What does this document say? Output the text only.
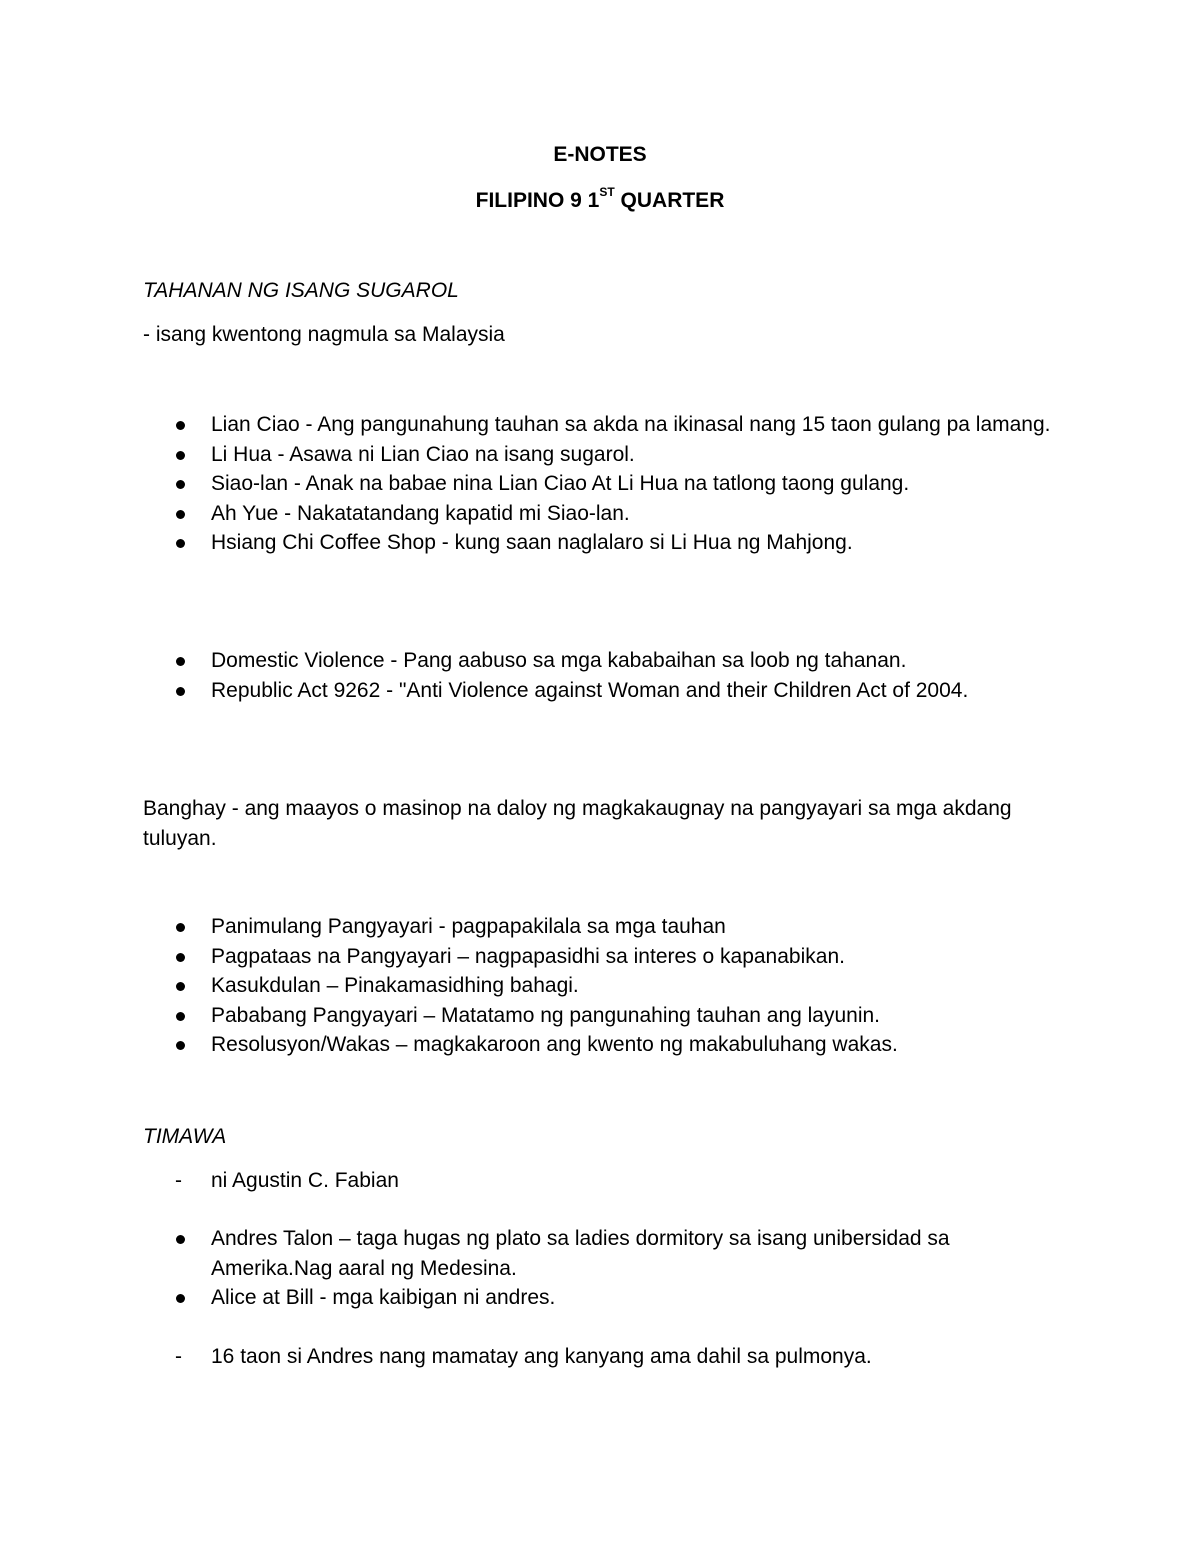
E-NOTES
FILIPINO 9 1ST QUARTER
TAHANAN NG ISANG SUGAROL
- isang kwentong nagmula sa Malaysia
Lian Ciao - Ang pangunahung tauhan sa akda na ikinasal nang 15 taon gulang pa lamang.
Li Hua - Asawa ni Lian Ciao na isang sugarol.
Siao-lan - Anak na babae nina Lian Ciao At Li Hua na tatlong taong gulang.
Ah Yue - Nakatatandang kapatid mi Siao-lan.
Hsiang Chi Coffee Shop - kung saan naglalaro si Li Hua ng Mahjong.
Domestic Violence - Pang aabuso sa mga kababaihan sa loob ng tahanan.
Republic Act 9262 - "Anti Violence against Woman and their Children Act of 2004.
Banghay - ang maayos o masinop na daloy ng magkakaugnay na pangyayari sa mga akdang tuluyan.
Panimulang Pangyayari - pagpapakilala sa mga tauhan
Pagpataas na Pangyayari – nagpapasidhi sa interes o kapanabikan.
Kasukdulan – Pinakamasidhing bahagi.
Pababang Pangyayari – Matatamo ng pangunahing tauhan ang layunin.
Resolusyon/Wakas – magkakaroon ang kwento ng makabuluhang wakas.
TIMAWA
- ni Agustin C. Fabian
Andres Talon – taga hugas ng plato sa ladies dormitory sa isang unibersidad sa Amerika.Nag aaral ng Medesina.
Alice at Bill - mga kaibigan ni andres.
- 16 taon si Andres nang mamatay ang kanyang ama dahil sa pulmonya.
